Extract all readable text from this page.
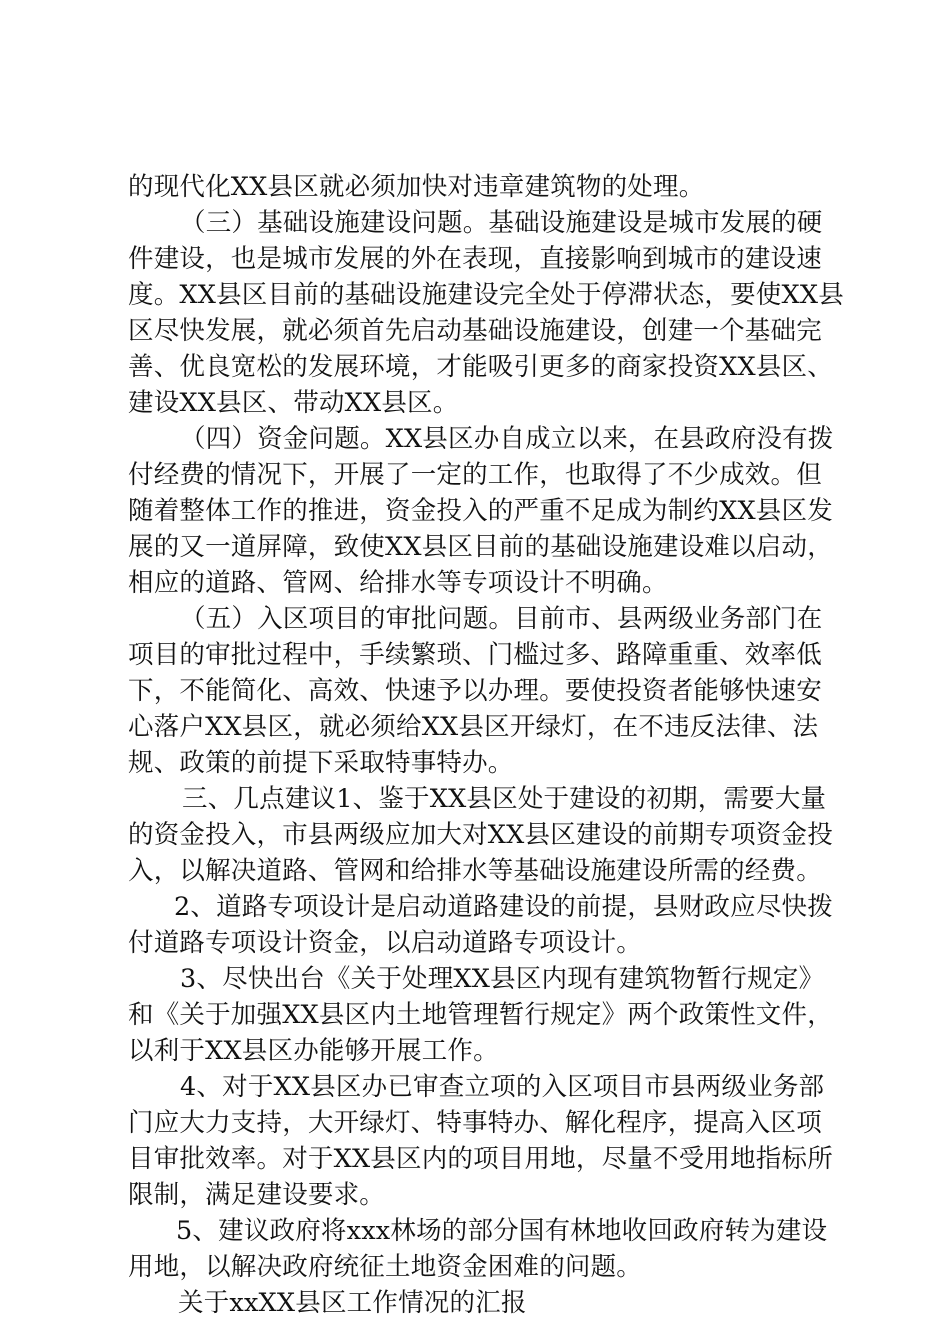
的现代化XX县区就必须加快对违章建筑物的处理。
（三）基础设施建设问题。基础设施建设是城市发展的硬
件建设，也是城市发展的外在表现，直接影响到城市的建设速
度。XX县区目前的基础设施建设完全处于停滞状态，要使XX县
区尽快发展，就必须首先启动基础设施建设，创建一个基础完
善、优良宽松的发展环境，才能吸引更多的商家投资XX县区、
建设XX县区、带动XX县区。
（四）资金问题。XX县区办自成立以来，在县政府没有拨
付经费的情况下，开展了一定的工作，也取得了不少成效。但
随着整体工作的推进，资金投入的严重不足成为制约XX县区发
展的又一道屏障，致使XX县区目前的基础设施建设难以启动，
相应的道路、管网、给排水等专项设计不明确。
（五）入区项目的审批问题。目前市、县两级业务部门在
项目的审批过程中，手续繁琐、门槛过多、路障重重、效率低
下，不能简化、高效、快速予以办理。要使投资者能够快速安
心落户XX县区，就必须给XX县区开绿灯，在不违反法律、法
规、政策的前提下采取特事特办。
三、几点建议1、鉴于XX县区处于建设的初期，需要大量
的资金投入，市县两级应加大对XX县区建设的前期专项资金投
入，以解决道路、管网和给排水等基础设施建设所需的经费。
2、道路专项设计是启动道路建设的前提，县财政应尽快拨
付道路专项设计资金，以启动道路专项设计。
3、尽快出台《关于处理XX县区内现有建筑物暂行规定》
和《关于加强XX县区内土地管理暂行规定》两个政策性文件，
以利于XX县区办能够开展工作。
4、对于XX县区办已审查立项的入区项目市县两级业务部
门应大力支持，大开绿灯、特事特办、解化程序，提高入区项
目审批效率。对于XX县区内的项目用地，尽量不受用地指标所
限制，满足建设要求。
5、建议政府将xxx林场的部分国有林地收回政府转为建设
用地，以解决政府统征土地资金困难的问题。
关于xxXX县区工作情况的汇报
